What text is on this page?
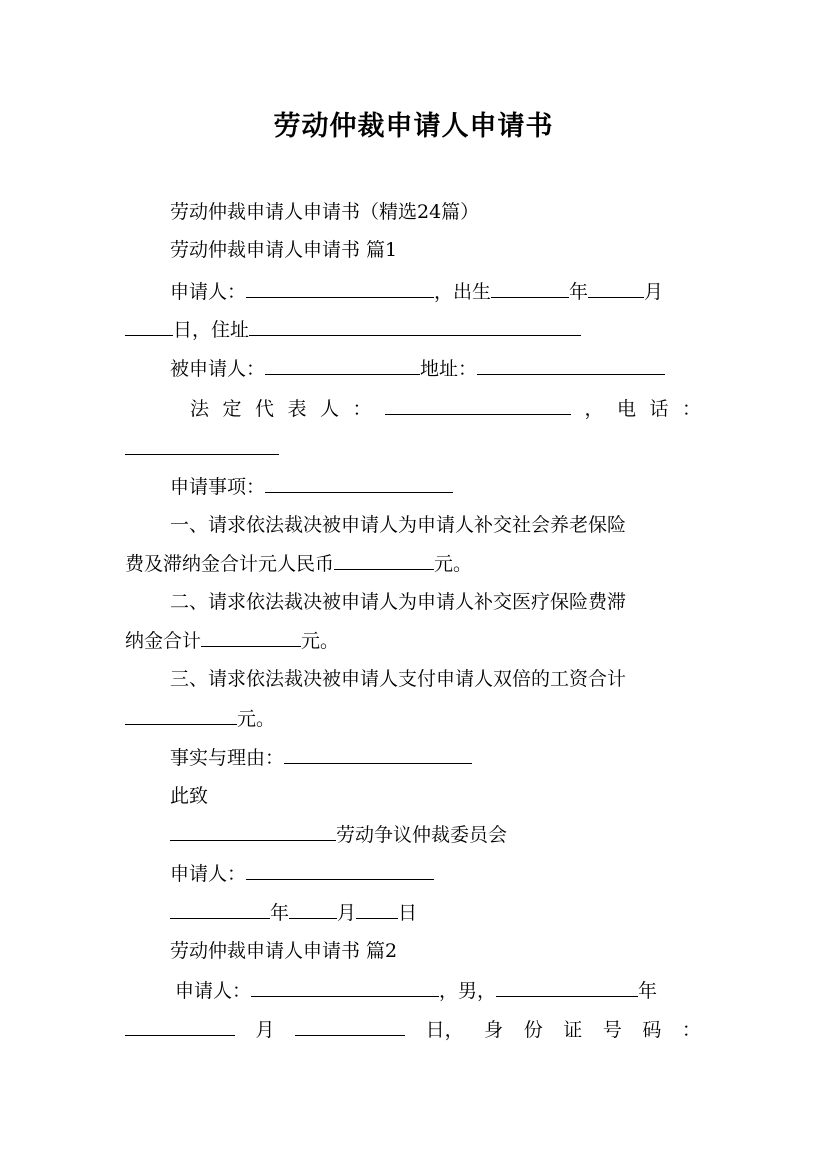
劳动仲裁申请人申请书
劳动仲裁申请人申请书（精选24篇）
劳动仲裁申请人申请书 篇1
申请人：	，出生	年	月
日，住址
被申请人：	地址：
法 定 代 表 人 ：	， 电 话 ：
申请事项：
一、请求依法裁决被申请人为申请人补交社会养老保险
费及滞纳金合计元人民币	元。
二、请求依法裁决被申请人为申请人补交医疗保险费滞
纳金合计	元。
三、请求依法裁决被申请人支付申请人双倍的工资合计
元。
事实与理由：
此致
劳动争议仲裁委员会
申请人：
年	月 日
劳动仲裁申请人申请书 篇2
申请人：	，男，	年
月	日， 身 份 证 号 码 ：
